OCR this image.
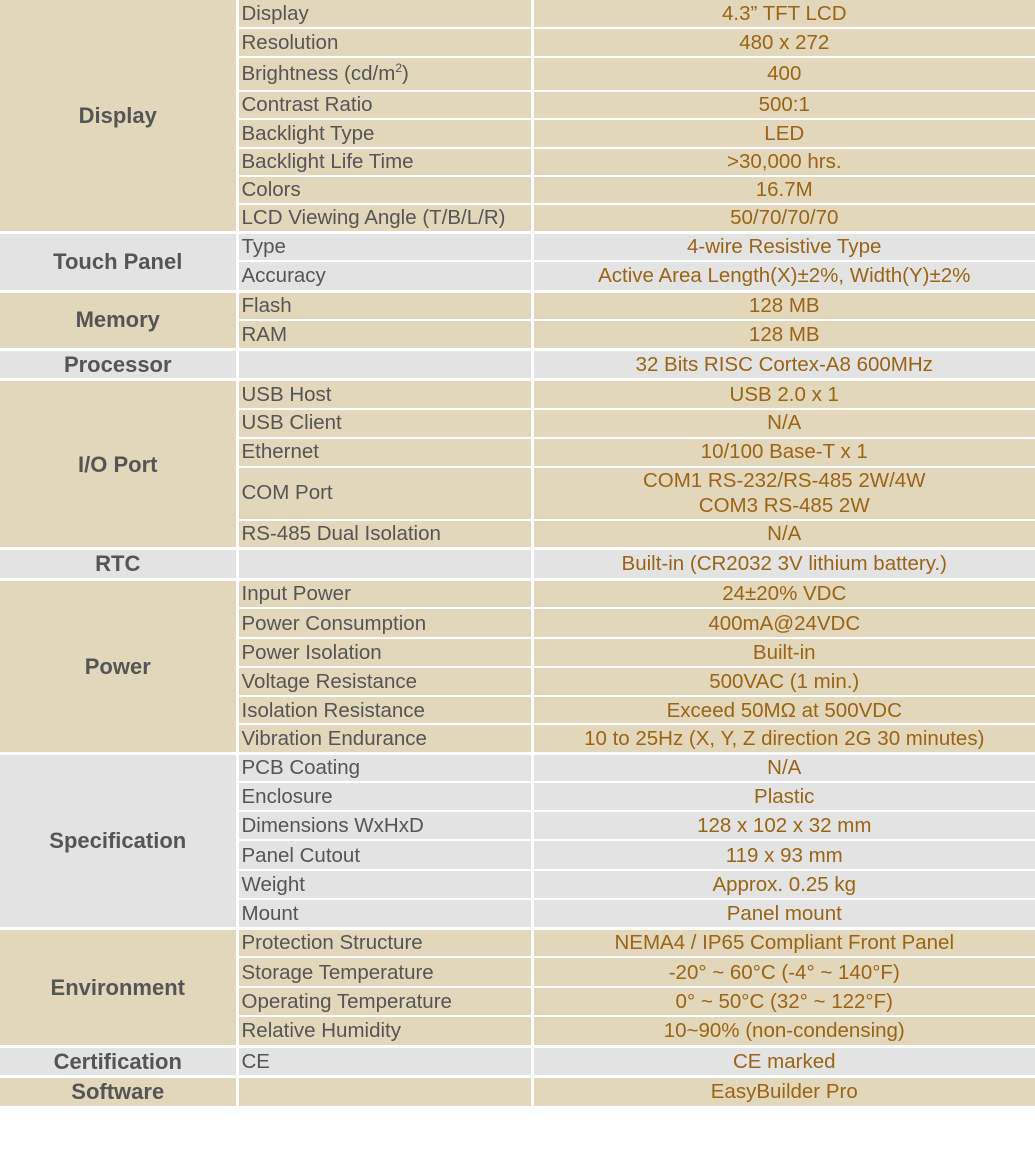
Display	Display	4.3” TFT LCD
	Resolution	480 x 272
	Brightness $(cd/m^2)$	400
	Contrast Ratio	500:1
	Backlight Type	LED
	Backlight Life Time	>30,000 hrs.
	Colors	16.7M
	LCD Viewing Angle (T/B/L/R)	50/70/70/70
Touch Panel	Type	4-wire Resistive Type
	Accuracy	Active Area Length(X)±2%, Width(Y)±2%
Memory	Flash	128 MB
	RAM	128 MB
Processor		32 Bits RISC Cortex-A8 600MHz
I/O Port	USB Host	USB 2.0 x 1
	USB Client	N/A
	Ethernet	10/100 Base-T x 1
	COM Port	COM1 RS-232/RS-485 2W/4W
COM3 RS-485 2W

	RS-485 Dual Isolation	N/A
RTC		Built-in (CR2032 3V lithium battery.)
Power	Input Power	24±20% VDC
	Power Consumption	400mA@24VDC
	Power Isolation	Built-in
	Voltage Resistance	500VAC (1 min.)
	Isolation Resistance	Exceed 50MΩ at 500VDC
	Vibration Endurance	10 to 25Hz (X, Y, Z direction 2G 30 minutes)
Specification	PCB Coating	N/A
	Enclosure	Plastic
	Dimensions WxHxD	128 x 102 x 32 mm
	Panel Cutout	119 x 93 mm
	Weight	Approx. 0.25 kg
	Mount	Panel mount
Environment	Protection Structure	NEMA4 / IP65 Compliant Front Panel
	Storage Temperature	-20° ~ 60°C (-4° ~ 140°F)
	Operating Temperature	0° ~ 50°C (32° ~ 122°F)
	Relative Humidity	10~90% (non-condensing)
Certification	CE	CE marked
Software		EasyBuilder Pro
